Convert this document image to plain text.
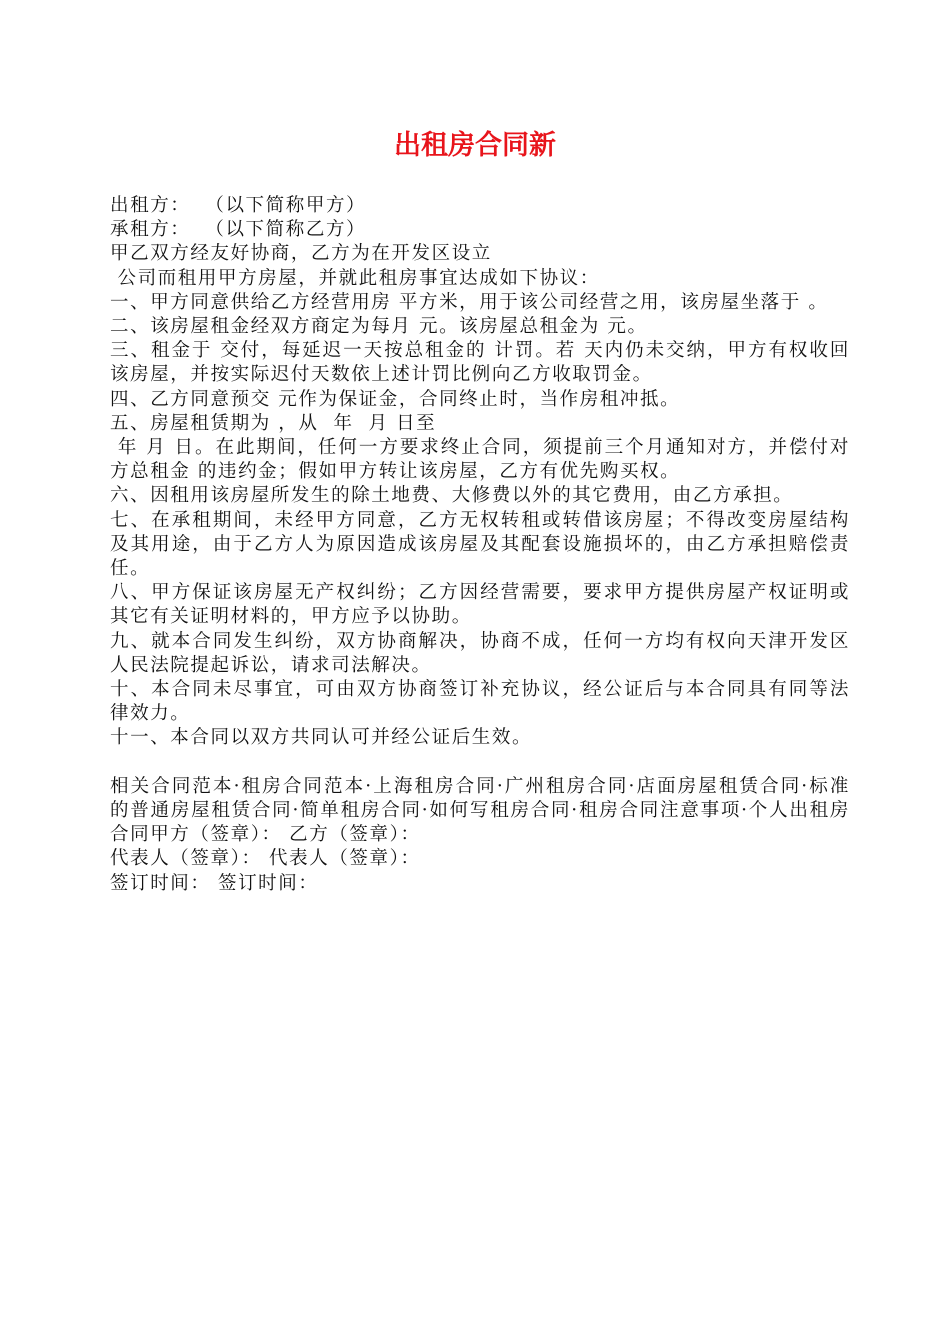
出租房合同新

出租方：  （以下简称甲方）

承租方：  （以下简称乙方）

甲乙双方经友好协商，乙方为在开发区设立

公司而租用甲方房屋，并就此租房事宜达成如下协议：

一、甲方同意供给乙方经营用房 平方米，用于该公司经营之用，该房屋坐落于 。

二、该房屋租金经双方商定为每月 元。该房屋总租金为 元。

三、租金于 交付，每延迟一天按总租金的 计罚。若 天内仍未交纳，甲方有权收回该房屋，并按实际迟付天数依上述计罚比例向乙方收取罚金。

四、乙方同意预交 元作为保证金，合同终止时，当作房租冲抵。

五、房屋租赁期为 ，从  年  月 日至

年 月 日。在此期间，任何一方要求终止合同，须提前三个月通知对方，并偿付对方总租金 的违约金；假如甲方转让该房屋，乙方有优先购买权。

六、因租用该房屋所发生的除土地费、大修费以外的其它费用，由乙方承担。

七、在承租期间，未经甲方同意，乙方无权转租或转借该房屋；不得改变房屋结构及其用途，由于乙方人为原因造成该房屋及其配套设施损坏的，由乙方承担赔偿责任。

八、甲方保证该房屋无产权纠纷；乙方因经营需要，要求甲方提供房屋产权证明或其它有关证明材料的，甲方应予以协助。

九、就本合同发生纠纷，双方协商解决，协商不成，任何一方均有权向天津开发区人民法院提起诉讼，请求司法解决。

十、本合同未尽事宜，可由双方协商签订补充协议，经公证后与本合同具有同等法律效力。

十一、本合同以双方共同认可并经公证后生效。

相关合同范本·租房合同范本·上海租房合同·广州租房合同·店面房屋租赁合同·标准的普通房屋租赁合同·简单租房合同·如何写租房合同·租房合同注意事项·个人出租房合同甲方（签章）： 乙方（签章）：

代表人（签章）： 代表人（签章）：

签订时间： 签订时间：
